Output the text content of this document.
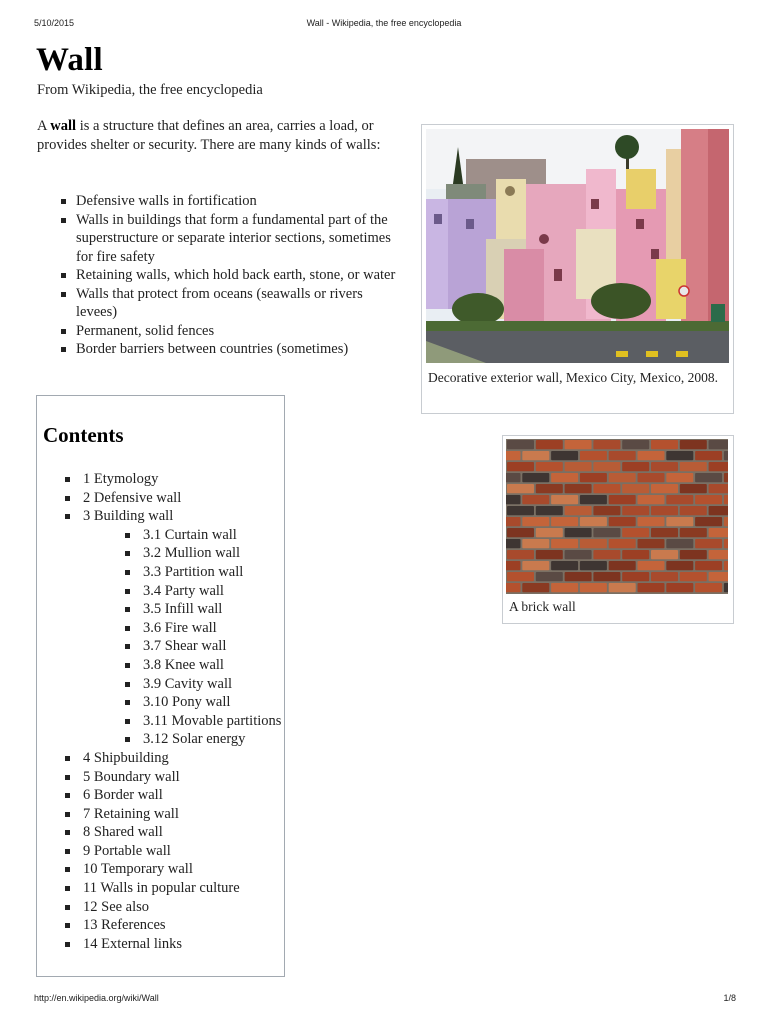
5/10/2015	Wall - Wikipedia, the free encyclopedia
Wall
From Wikipedia, the free encyclopedia
A wall is a structure that defines an area, carries a load, or provides shelter or security. There are many kinds of walls:
Defensive walls in fortification
Walls in buildings that form a fundamental part of the superstructure or separate interior sections, sometimes for fire safety
Retaining walls, which hold back earth, stone, or water
Walls that protect from oceans (seawalls or rivers levees)
Permanent, solid fences
Border barriers between countries (sometimes)
Decorative exterior wall, Mexico City, Mexico, 2008.
A brick wall
Contents
1 Etymology
2 Defensive wall
3 Building wall
3.1 Curtain wall
3.2 Mullion wall
3.3 Partition wall
3.4 Party wall
3.5 Infill wall
3.6 Fire wall
3.7 Shear wall
3.8 Knee wall
3.9 Cavity wall
3.10 Pony wall
3.11 Movable partitions
3.12 Solar energy
4 Shipbuilding
5 Boundary wall
6 Border wall
7 Retaining wall
8 Shared wall
9 Portable wall
10 Temporary wall
11 Walls in popular culture
12 See also
13 References
14 External links
http://en.wikipedia.org/wiki/Wall	1/8
